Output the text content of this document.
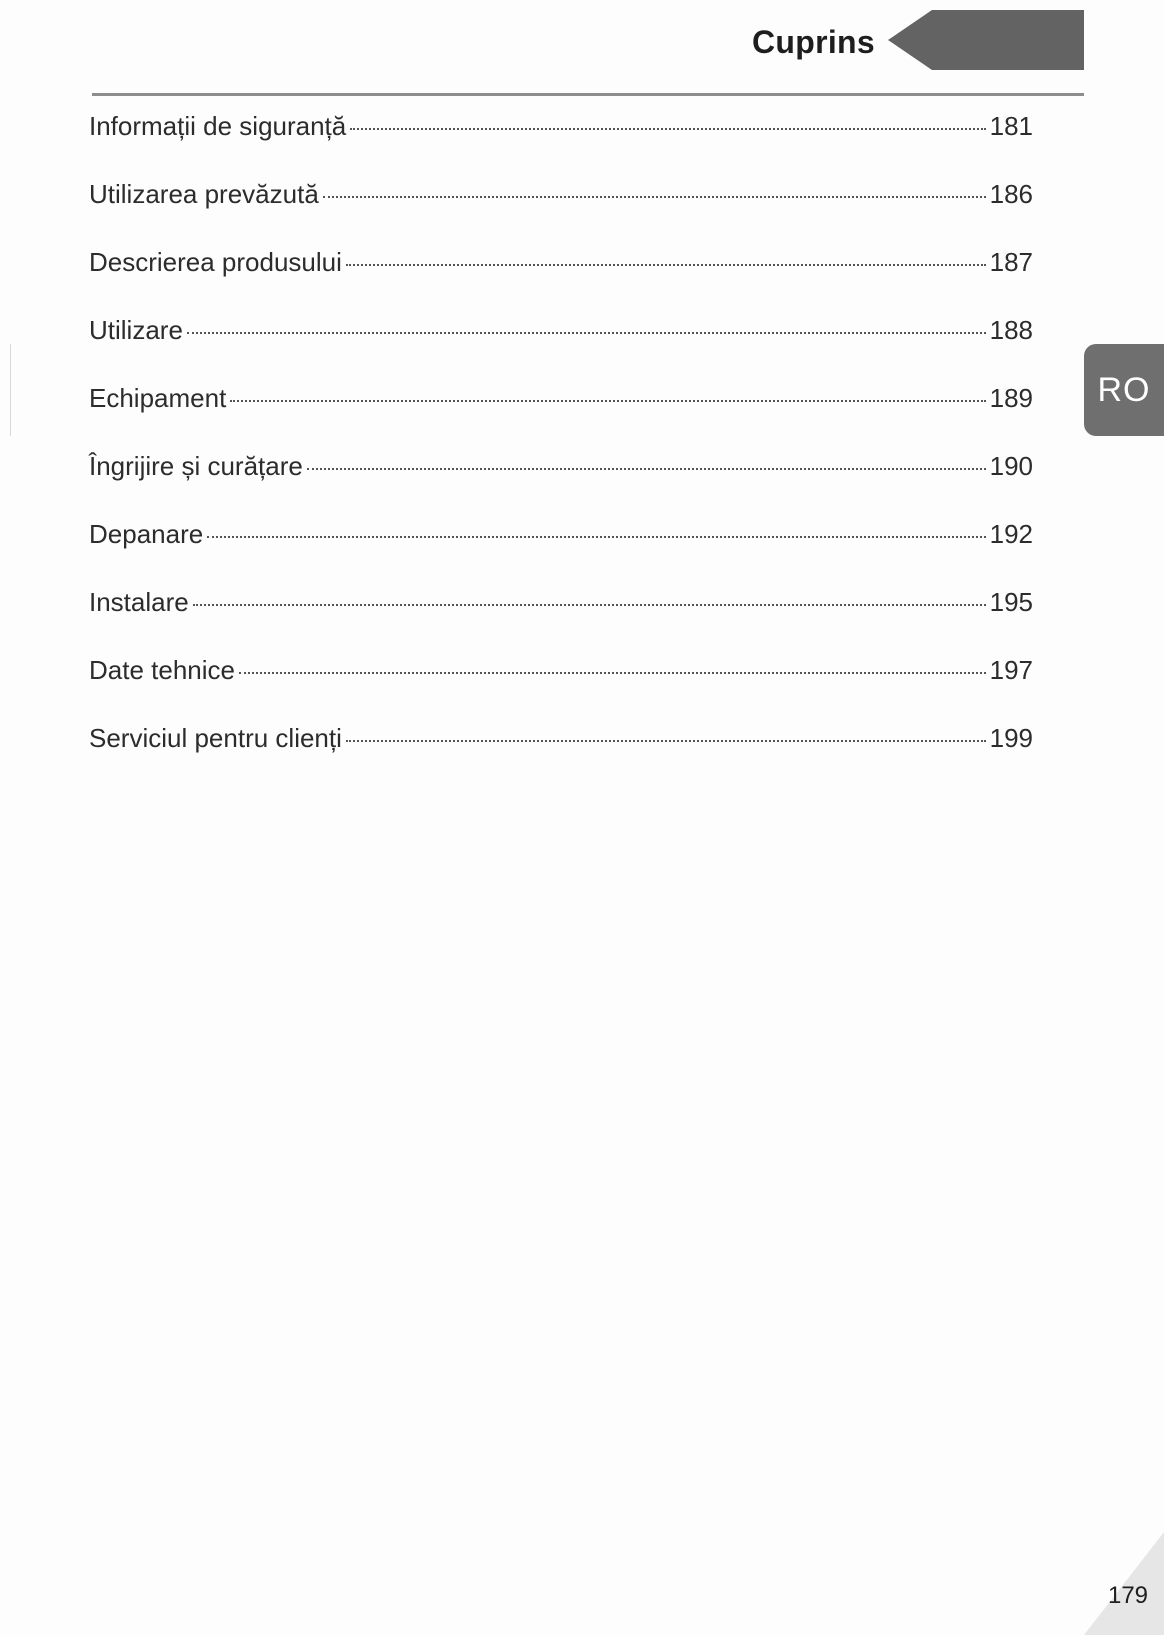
Cuprins
Informații de siguranță	181
Utilizarea prevăzută	186
Descrierea produsului	187
Utilizare	188
Echipament	189
Îngrijire și curățare	190
Depanare	192
Instalare	195
Date tehnice	197
Serviciul pentru clienți	199
RO
179
